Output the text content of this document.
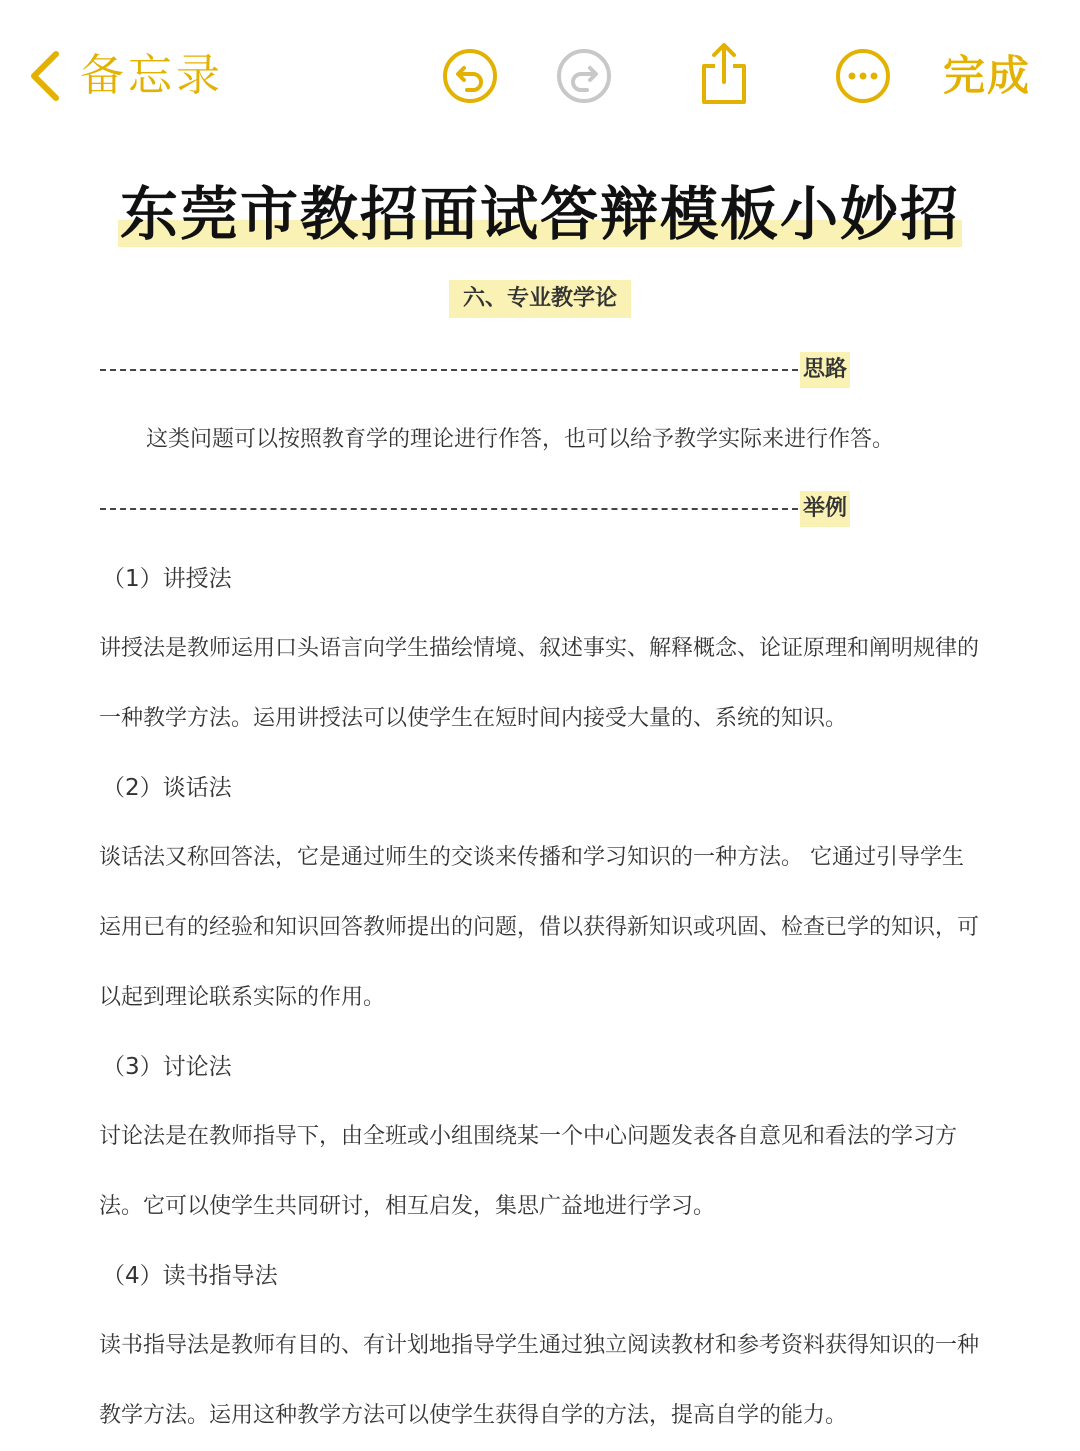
备忘录	完成
东莞市教招面试答辩模板小妙招
六、专业教学论
思路
这类问题可以按照教育学的理论进行作答，也可以给予教学实际来进行作答。
举例
（1）讲授法
讲授法是教师运用口头语言向学生描绘情境、叙述事实、解释概念、论证原理和阐明规律的
一种教学方法。运用讲授法可以使学生在短时间内接受大量的、系统的知识。
（2）谈话法
谈话法又称回答法，它是通过师生的交谈来传播和学习知识的一种方法。 它通过引导学生
运用已有的经验和知识回答教师提出的问题，借以获得新知识或巩固、检查已学的知识，可
以起到理论联系实际的作用。
（3）讨论法
讨论法是在教师指导下，由全班或小组围绕某一个中心问题发表各自意见和看法的学习方
法。它可以使学生共同研讨，相互启发，集思广益地进行学习。
（4）读书指导法
读书指导法是教师有目的、有计划地指导学生通过独立阅读教材和参考资料获得知识的一种
教学方法。运用这种教学方法可以使学生获得自学的方法，提高自学的能力。
